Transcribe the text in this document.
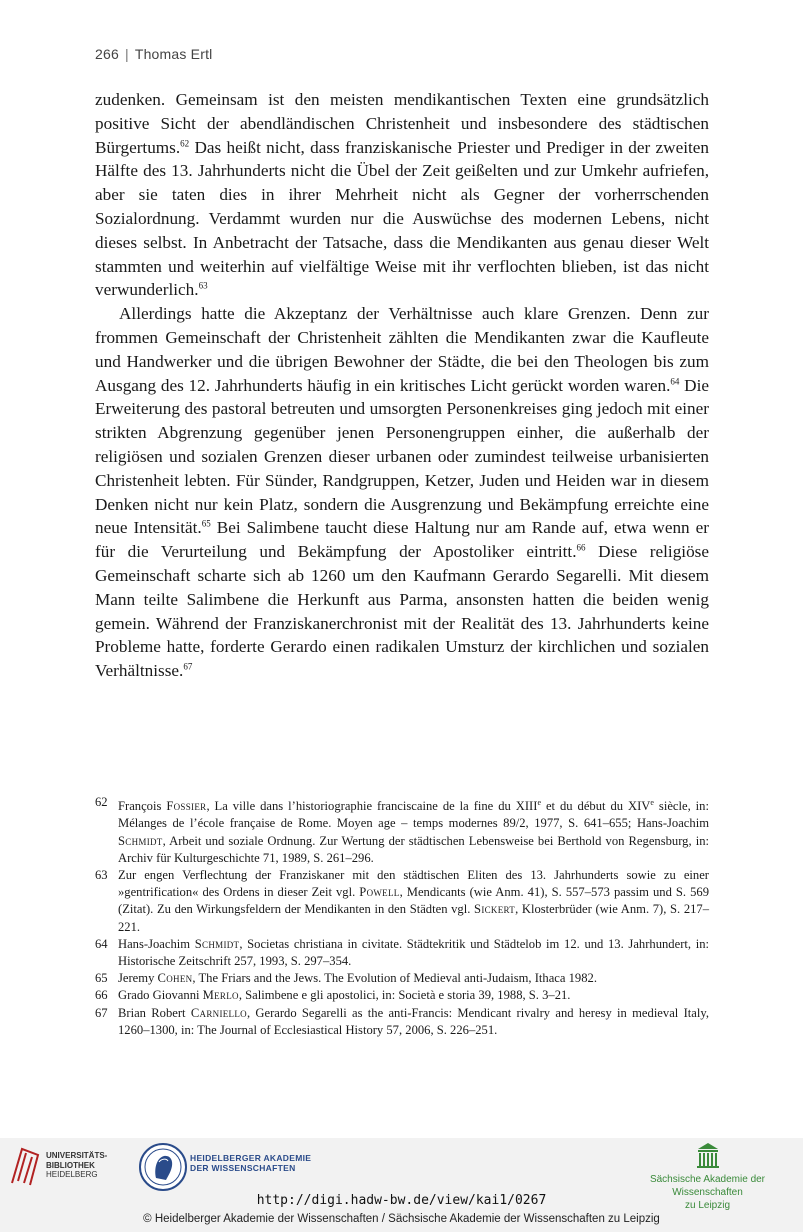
266 | Thomas Ertl

zudenken. Gemeinsam ist den meisten mendikantischen Texten eine grundsätzlich positive Sicht der abendländischen Christenheit und insbesondere des städtischen Bürgertums.$^{62}$ Das heißt nicht, dass franziskanische Priester und Prediger in der zweiten Hälfte des 13. Jahrhunderts nicht die Übel der Zeit geißelten und zur Umkehr aufriefen, aber sie taten dies in ihrer Mehrheit nicht als Gegner der vorherrschenden Sozialordnung. Verdammt wurden nur die Auswüchse des modernen Lebens, nicht dieses selbst. In Anbetracht der Tatsache, dass die Mendikanten aus genau dieser Welt stammten und weiterhin auf vielfältige Weise mit ihr verflochten blieben, ist das nicht verwunderlich.$^{63}$

Allerdings hatte die Akzeptanz der Verhältnisse auch klare Grenzen. Denn zur frommen Gemeinschaft der Christenheit zählten die Mendikanten zwar die Kaufleute und Handwerker und die übrigen Bewohner der Städte, die bei den Theologen bis zum Ausgang des 12. Jahrhunderts häufig in ein kritisches Licht gerückt worden waren.$^{64}$ Die Erweiterung des pastoral betreuten und umsorgten Personenkreises ging jedoch mit einer strikten Abgrenzung gegenüber jenen Personengruppen einher, die außerhalb der religiösen und sozialen Grenzen dieser urbanen oder zumindest teilweise urbanisierten Christenheit lebten. Für Sünder, Randgruppen, Ketzer, Juden und Heiden war in diesem Denken nicht nur kein Platz, sondern die Ausgrenzung und Bekämpfung erreichte eine neue Intensität.$^{65}$ Bei Salimbene taucht diese Haltung nur am Rande auf, etwa wenn er für die Verurteilung und Bekämpfung der Apostoliker eintritt.$^{66}$ Diese religiöse Gemeinschaft scharte sich ab 1260 um den Kaufmann Gerardo Segarelli. Mit diesem Mann teilte Salimbene die Herkunft aus Parma, ansonsten hatten die beiden wenig gemein. Während der Franziskanerchronist mit der Realität des 13. Jahrhunderts keine Probleme hatte, forderte Gerardo einen radikalen Umsturz der kirchlichen und sozialen Verhältnisse.$^{67}$

62 François Fossier, La ville dans l’historiographie franciscaine de la fine du XIIIe et du début du XIVe siècle, in: Mélanges de l’école française de Rome. Moyen age – temps modernes 89/2, 1977, S. 641–655; Hans-Joachim Schmidt, Arbeit und soziale Ordnung. Zur Wertung der städtischen Lebensweise bei Berthold von Regensburg, in: Archiv für Kulturgeschichte 71, 1989, S. 261–296.
63 Zur engen Verflechtung der Franziskaner mit den städtischen Eliten des 13. Jahrhunderts sowie zu einer »gentrification« des Ordens in dieser Zeit vgl. Powell, Mendicants (wie Anm. 41), S. 557–573 passim und S. 569 (Zitat). Zu den Wirkungsfeldern der Mendikanten in den Städten vgl. Sickert, Klosterbrüder (wie Anm. 7), S. 217–221.
64 Hans-Joachim Schmidt, Societas christiana in civitate. Städtekritik und Städtelob im 12. und 13. Jahrhundert, in: Historische Zeitschrift 257, 1993, S. 297–354.
65 Jeremy Cohen, The Friars and the Jews. The Evolution of Medieval anti-Judaism, Ithaca 1982.
66 Grado Giovanni Merlo, Salimbene e gli apostolici, in: Società e storia 39, 1988, S. 3–21.
67 Brian Robert Carniello, Gerardo Segarelli as the anti-Francis: Mendicant rivalry and heresy in medieval Italy, 1260–1300, in: The Journal of Ecclesiastical History 57, 2006, S. 226–251.
UNIVERSITÄTS-
BIBLIOTHEK
HEIDELBERG
HEIDELBERGER AKADEMIE
DER WISSENSCHAFTEN
Sächsische Akademie der Wissenschaften
zu Leipzig
http://digi.hadw-bw.de/view/kai1/0267
© Heidelberger Akademie der Wissenschaften / Sächsische Akademie der Wissenschaften zu Leipzig
